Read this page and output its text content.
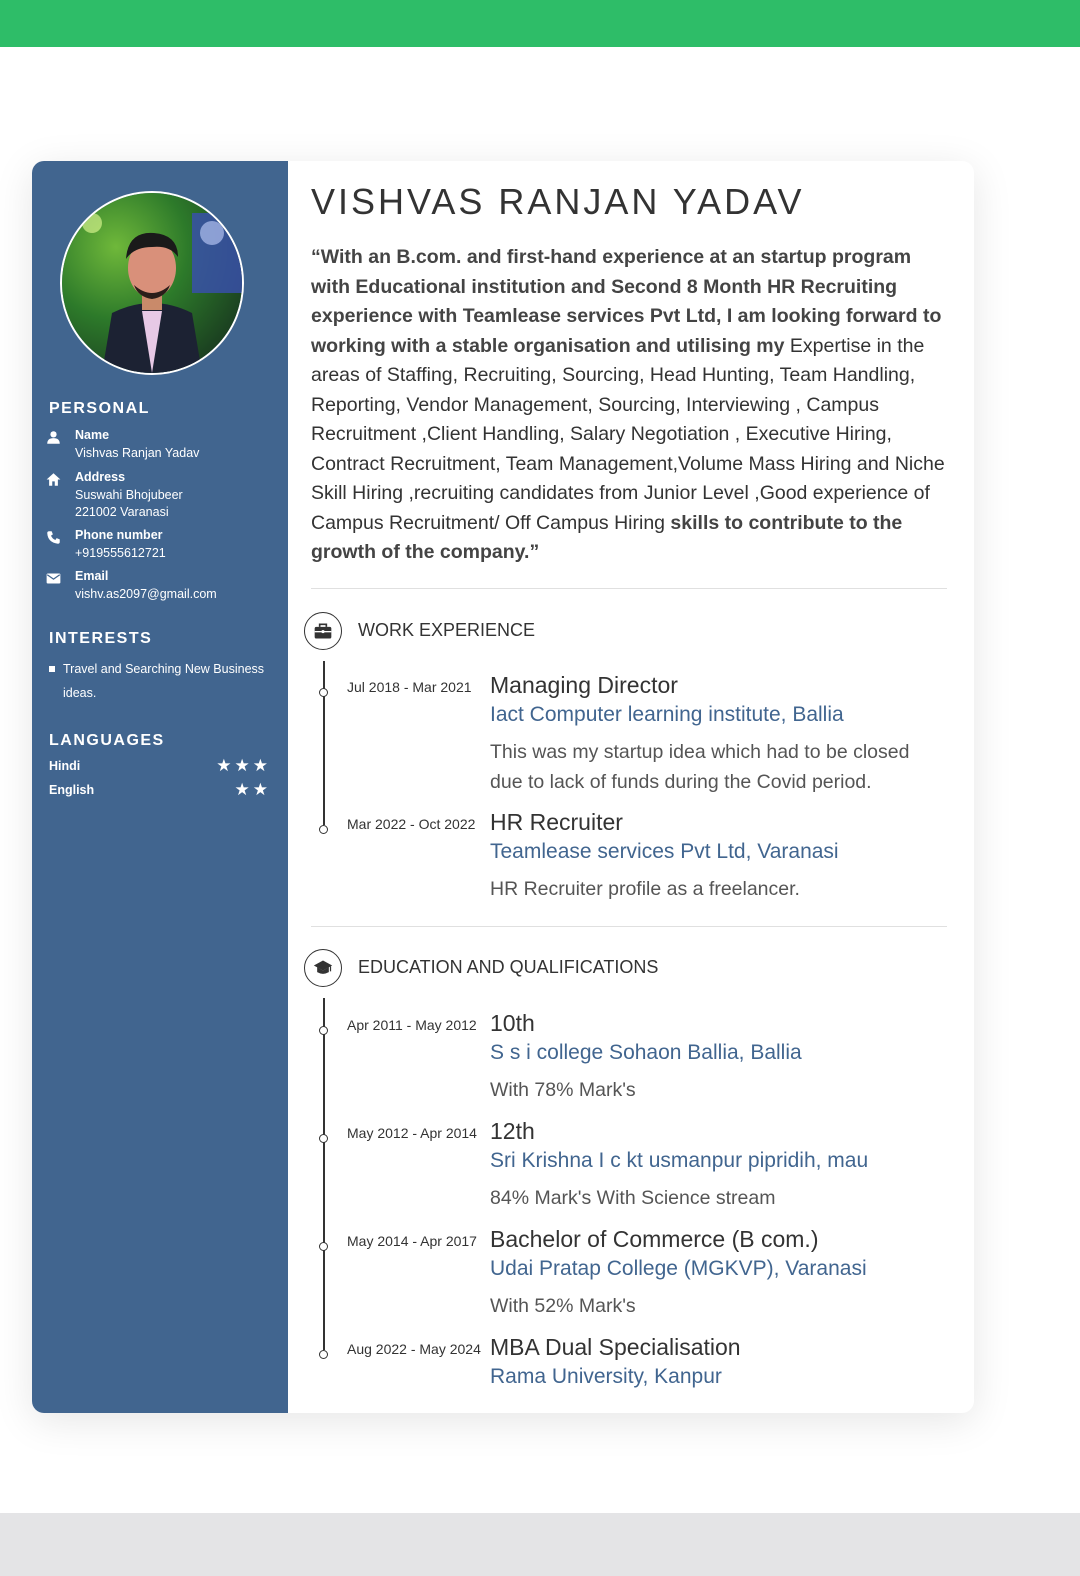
PERSONAL
Name
Vishvas Ranjan Yadav
Address
Suswahi Bhojubeer
221002 Varanasi
Phone number
+919555612721
Email
vishv.as2097@gmail.com
INTERESTS
Travel and Searching New Business ideas.
LANGUAGES
Hindi	★★★
English	★★
VISHVAS RANJAN YADAV
“With an B.com. and first-hand experience at an startup program with Educational institution and Second 8 Month HR Recruiting experience with Teamlease services Pvt Ltd, I am looking forward to working with a stable organisation and utilising my Expertise in the areas of Staffing, Recruiting, Sourcing, Head Hunting, Team Handling, Reporting, Vendor Management, Sourcing, Interviewing , Campus Recruitment ,Client Handling, Salary Negotiation , Executive Hiring, Contract Recruitment, Team Management,Volume Mass Hiring and Niche Skill Hiring ,recruiting candidates from Junior Level ,Good experience of Campus Recruitment/ Off Campus Hiring skills to contribute to the growth of the company.”
WORK EXPERIENCE
Jul 2018 - Mar 2021 Managing Director
Iact Computer learning institute, Ballia
This was my startup idea which had to be closed due to lack of funds during the Covid period.
Mar 2022 - Oct 2022 HR Recruiter
Teamlease services Pvt Ltd, Varanasi
HR Recruiter profile as a freelancer.
EDUCATION AND QUALIFICATIONS
Apr 2011 - May 2012 10th
S s i college Sohaon Ballia, Ballia
With 78% Mark's
May 2012 - Apr 2014 12th
Sri Krishna I c kt usmanpur pipridih, mau
84% Mark's With Science stream
May 2014 - Apr 2017 Bachelor of Commerce (B com.)
Udai Pratap College (MGKVP), Varanasi
With 52% Mark's
Aug 2022 - May 2024 MBA Dual Specialisation
Rama University, Kanpur
